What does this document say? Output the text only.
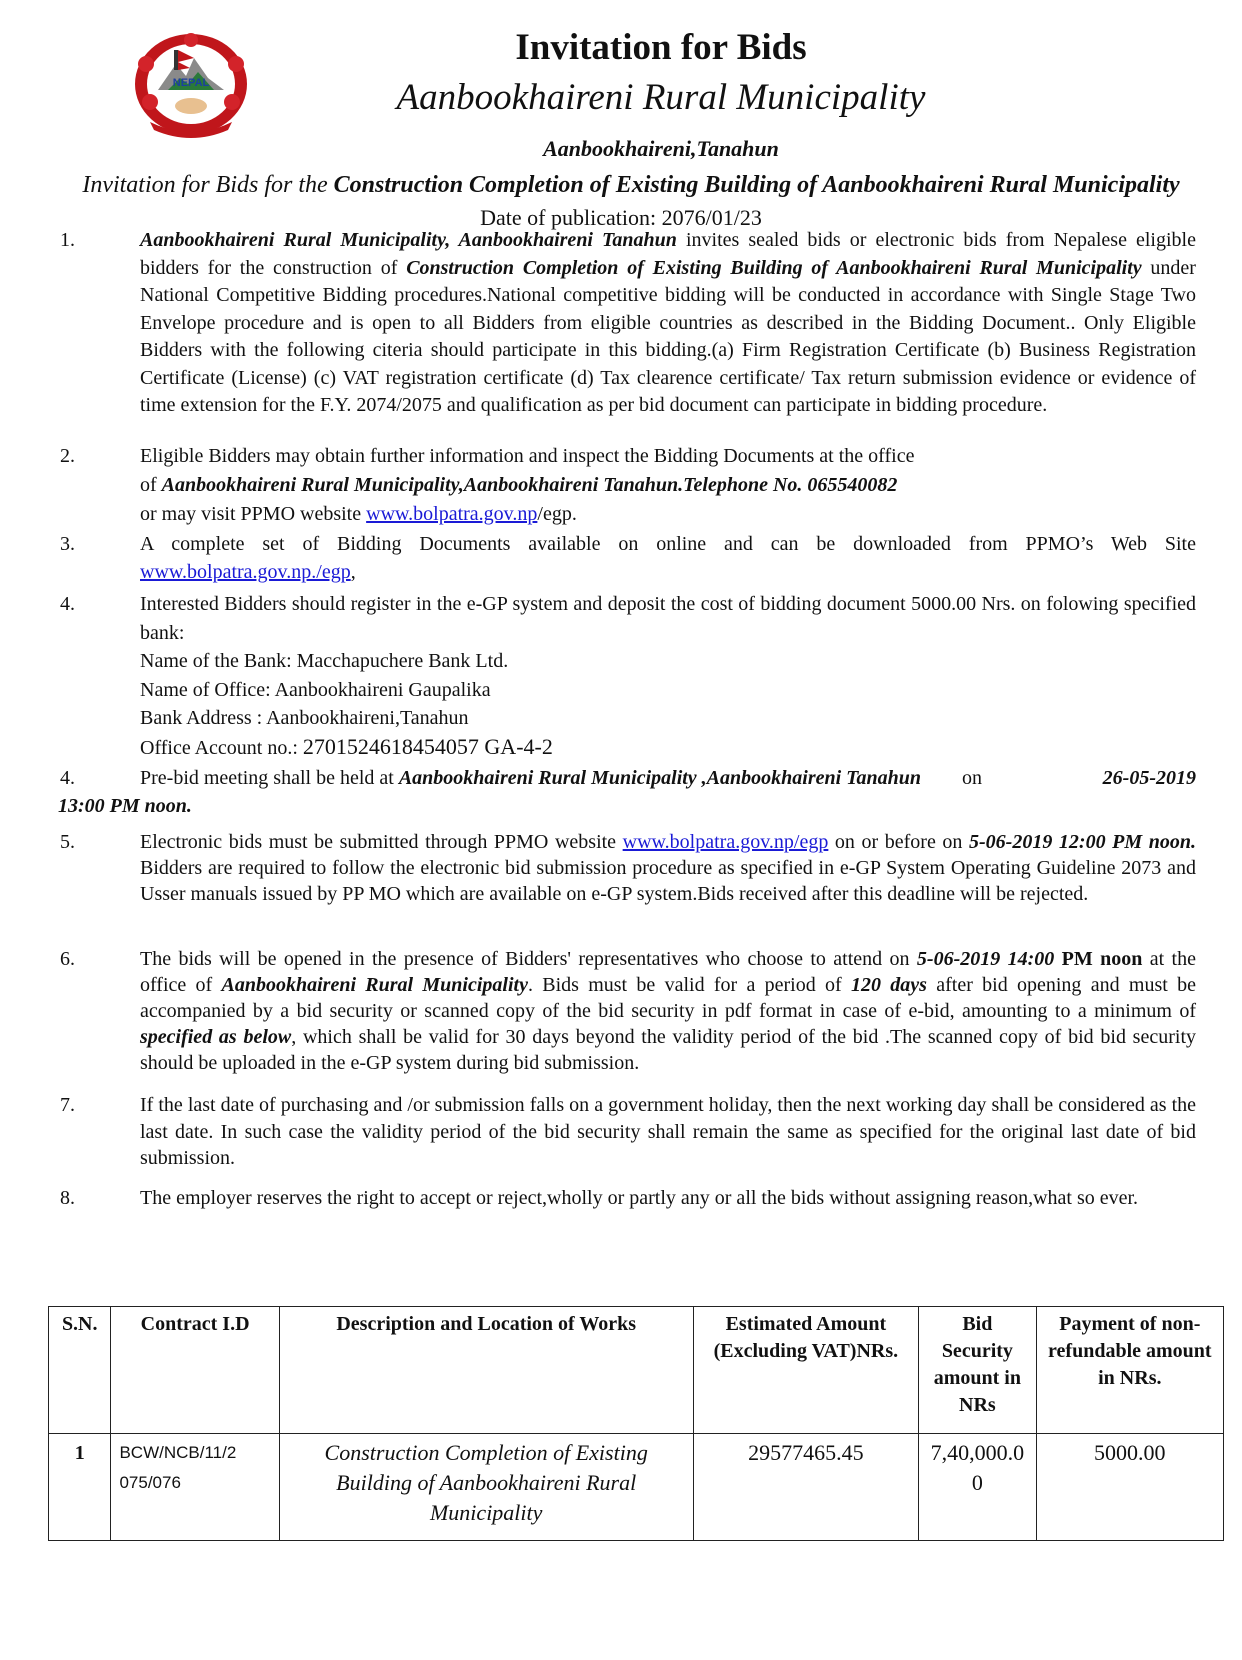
NEPAL
Invitation for Bids
Aanbookhaireni Rural Municipality
Aanbookhaireni,Tanahun
Invitation for Bids for the Construction Completion of Existing Building of Aanbookhaireni Rural Municipality
Date of publication: 2076/01/23
1.	Aanbookhaireni Rural Municipality, Aanbookhaireni Tanahun invites sealed bids or electronic bids from Nepalese eligible bidders for the construction of Construction Completion of Existing Building of Aanbookhaireni Rural Municipality under National Competitive Bidding procedures.National competitive bidding will be conducted in accordance with Single Stage Two Envelope procedure and is open to all Bidders from eligible countries as described in the Bidding Document.. Only Eligible Bidders with the following citeria should participate in this bidding.(a) Firm Registration Certificate (b) Business Registration Certificate (License) (c) VAT registration certificate (d) Tax clearence certificate/ Tax return submission evidence or evidence of time extension for the F.Y. 2074/2075 and qualification as per bid document can participate in bidding procedure.
2.	Eligible Bidders may obtain further information and inspect the Bidding Documents at the office
of Aanbookhaireni Rural Municipality,Aanbookhaireni Tanahun.Telephone No. 065540082
or may visit PPMO website www.bolpatra.gov.np/egp.
3.	A complete set of Bidding Documents available on online and can be downloaded from PPMO’s Web Site www.bolpatra.gov.np./egp,
4.	Interested Bidders should register in the e-GP system and deposit the cost of bidding document 5000.00 Nrs. on folowing specified bank:
Name of the Bank: Macchapuchere Bank Ltd.
Name of Office: Aanbookhaireni Gaupalika
Bank Address : Aanbookhaireni,Tanahun
Office Account no.: 2701524618454057 GA-4-2
4.	Pre-bid meeting shall be held at Aanbookhaireni Rural Municipality ,Aanbookhaireni Tanahun on	26-05-2019
13:00 PM noon.
5.	Electronic bids must be submitted through PPMO website www.bolpatra.gov.np/egp on or before on 5-06-2019 12:00 PM noon. Bidders are required to follow the electronic bid submission procedure as specified in e-GP System Operating Guideline 2073 and Usser manuals issued by PP MO which are available on e-GP system.Bids received after this deadline will be rejected.
6.	The bids will be opened in the presence of Bidders' representatives who choose to attend on 5-06-2019 14:00 PM noon at the office of Aanbookhaireni Rural Municipality. Bids must be valid for a period of 120 days after bid opening and must be accompanied by a bid security or scanned copy of the bid security in pdf format in case of e-bid, amounting to a minimum of specified as below, which shall be valid for 30 days beyond the validity period of the bid .The scanned copy of bid bid security should be uploaded in the e-GP system during bid submission.
7.	If the last date of purchasing and /or submission falls on a government holiday, then the next working day shall be considered as the last date. In such case the validity period of the bid security shall remain the same as specified for the original last date of bid submission.
8.	The employer reserves the right to accept or reject,wholly or partly any or all the bids without assigning reason,what so ever.
S.N.	Contract I.D	Description and Location of Works	Estimated Amount (Excluding VAT)NRs.	Bid Security amount in NRs	Payment of non-refundable amount in NRs.
1	BCW/NCB/11/2 075/076	Construction Completion of Existing Building of Aanbookhaireni Rural Municipality	29577465.45	7,40,000.00	5000.00
